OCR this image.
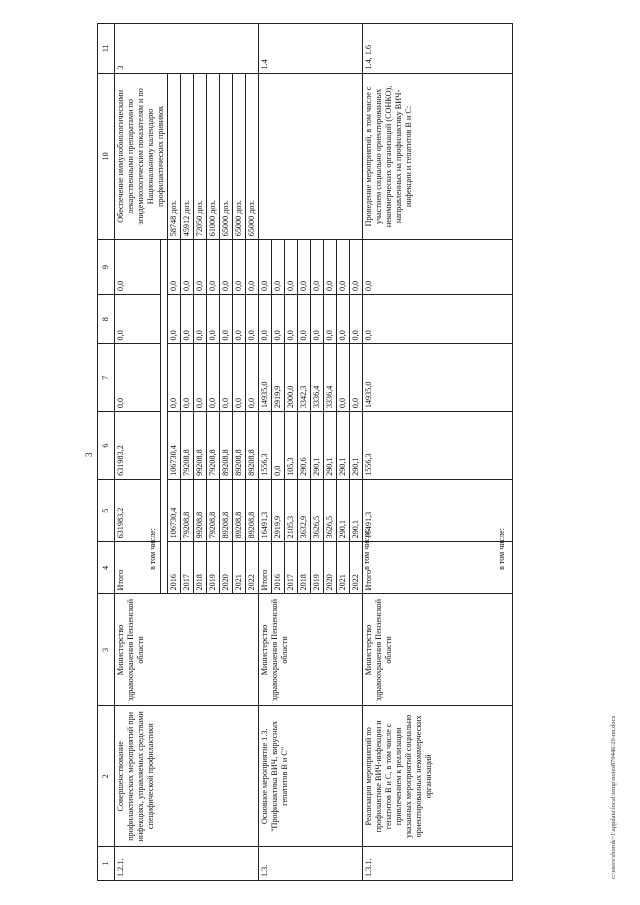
3
1	2	3	4	5	6	7	8	9	10	11
1.2.1.	Совершенствование профилактических мероприятий при инфекциях, управляемых средствами специфической профилактики	Министерство здравоохранения Пензенской области	Итого	631983,2	631983,2	0,0	0,0	0,0	Обеспечение иммунобиологическими лекарственными препаратами по эпидемиологическим показателям и по Национальному календарю профилактических прививок	3

			2016	106730,4	106730,4	0,0	0,0	0,0	58748 доз.	
			2017	79208,8	79208,8	0,0	0,0	0,0	45912 доз.	
			2018	99208,8	99208,8	0,0	0,0	0,0	72050 доз.	
			2019	79208,8	79208,8	0,0	0,0	0,0	61000 доз.	
			2020	89208,8	89208,8	0,0	0,0	0,0	65000 доз.	
			2021	89208,8	89208,8	0,0	0,0	0,0	65000 доз.	
			2022	89208,8	89208,8	0,0	0,0	0,0	65000 доз.	
1.3.	Основное мероприятие 1.3. "Профилактика ВИЧ, вирусных гепатитов В и С"	Министерство здравоохранения Пензенской области	Итого	16491,3	1556,3	14935,0	0,0	0,0		1.4
			2016	2919,9	0,0	2919,9	0,0	0,0		
			2017	2105,3	105,3	2000,0	0,0	0,0		
			2018	3632,9	290,6	3342,3	0,0	0,0		
			2019	3626,5	290,1	3336,4	0,0	0,0		
			2020	3626,5	290,1	3336,4	0,0	0,0		
			2021	290,1	290,1	0,0	0,0	0,0		
			2022	290,1	290,1	0,0	0,0	0,0		
1.3.1.	Реализация мероприятий по профилактике ВИЧ-инфекции и гепатитов В и С, в том числе с привлечением к реализации указанных мероприятий социально ориентированных некоммерческих организаций	Министерство здравоохранения Пензенской области	Итого	16491,3	1556,3	14935,0	0,0	0,0	Проведение мероприятий, в том числе с участием социально ориентированных некоммерческих организаций (СОНКО), направленных на профилактику ВИЧ-инфекции и гепатитов В и С:	1.4, 1.6
в том числе:	в том числе:	в том числе:
c:\users\shorok~1\appdata\local\temp\notes879446\20-nn.docx
